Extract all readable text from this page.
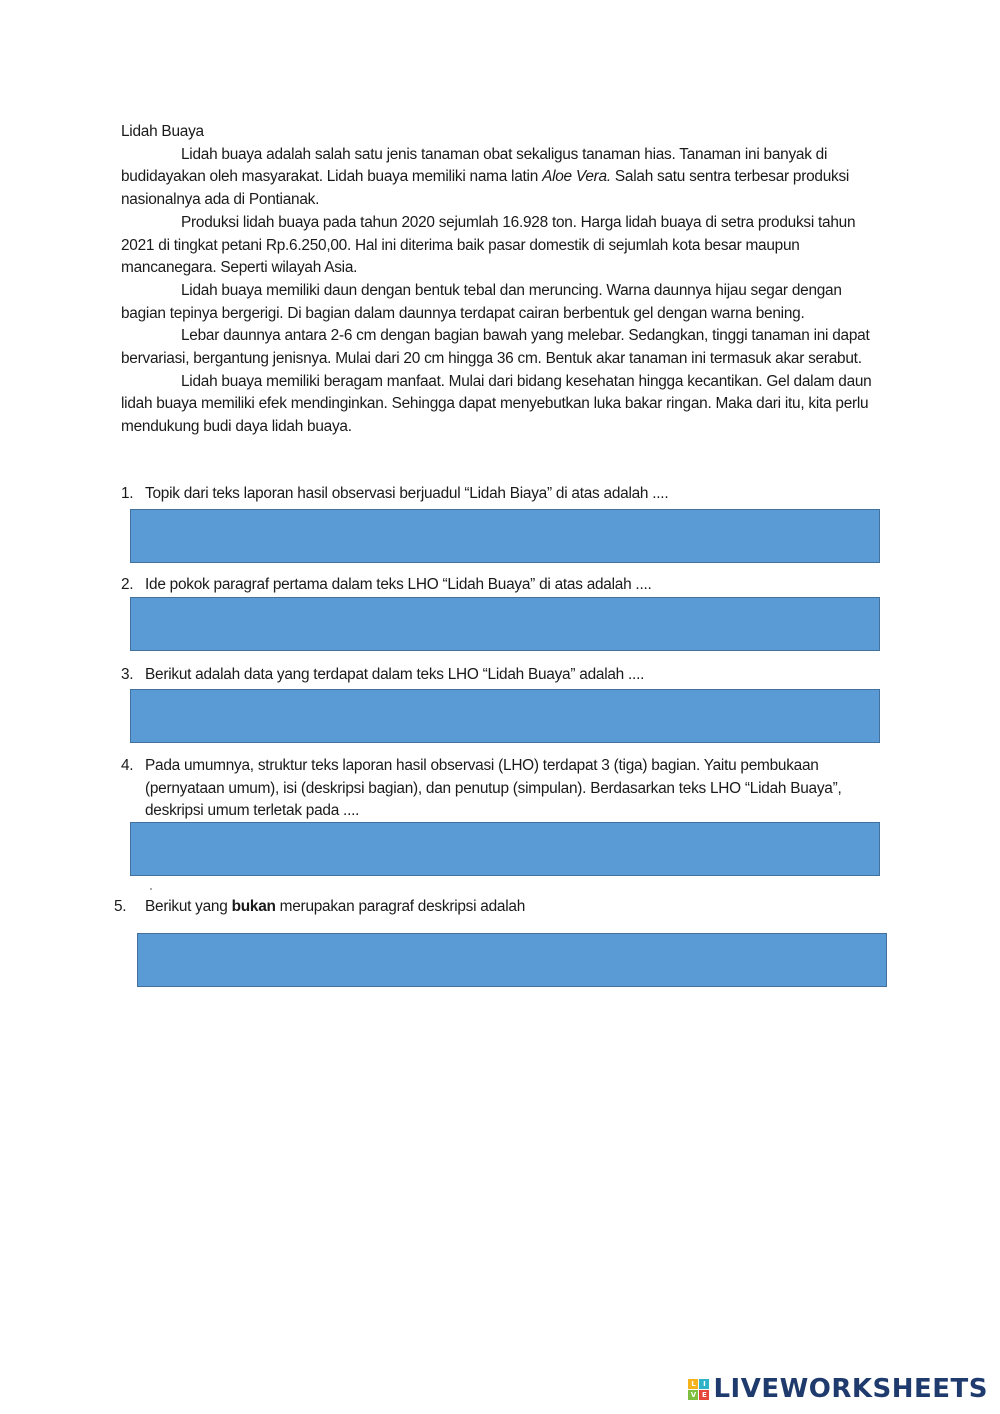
Lidah Buaya

Lidah buaya adalah salah satu jenis tanaman obat sekaligus tanaman hias. Tanaman ini banyak di budidayakan oleh masyarakat. Lidah buaya memiliki nama latin Aloe Vera. Salah satu sentra terbesar produksi nasionalnya ada di Pontianak.

Produksi lidah buaya pada tahun 2020 sejumlah 16.928 ton. Harga lidah buaya di setra produksi tahun 2021 di tingkat petani Rp.6.250,00. Hal ini diterima baik pasar domestik di sejumlah kota besar maupun mancanegara. Seperti wilayah Asia.

Lidah buaya memiliki daun dengan bentuk tebal dan meruncing. Warna daunnya hijau segar dengan bagian tepinya bergerigi. Di bagian dalam daunnya terdapat cairan berbentuk gel dengan warna bening.

Lebar daunnya antara 2-6 cm dengan bagian bawah yang melebar. Sedangkan, tinggi tanaman ini dapat bervariasi, bergantung jenisnya. Mulai dari 20 cm hingga 36 cm. Bentuk akar tanaman ini termasuk akar serabut.

Lidah buaya memiliki beragam manfaat. Mulai dari bidang kesehatan hingga kecantikan. Gel dalam daun lidah buaya memiliki efek mendinginkan. Sehingga dapat menyebutkan luka bakar ringan. Maka dari itu, kita perlu mendukung budi daya lidah buaya.

1. Topik dari teks laporan hasil observasi berjuadul “Lidah Biaya” di atas adalah ....
2. Ide pokok paragraf pertama dalam teks LHO “Lidah Buaya” di atas adalah ....
3. Berikut adalah data yang terdapat dalam teks LHO “Lidah Buaya” adalah ....
4. Pada umumnya, struktur teks laporan hasil observasi (LHO) terdapat 3 (tiga) bagian. Yaitu pembukaan (pernyataan umum), isi (deskripsi bagian), dan penutup (simpulan). Berdasarkan teks LHO “Lidah Buaya”, deskripsi umum terletak pada ....
5. Berikut yang bukan merupakan paragraf deskripsi adalah
L	I
V E LIVEWORKSHEETS
